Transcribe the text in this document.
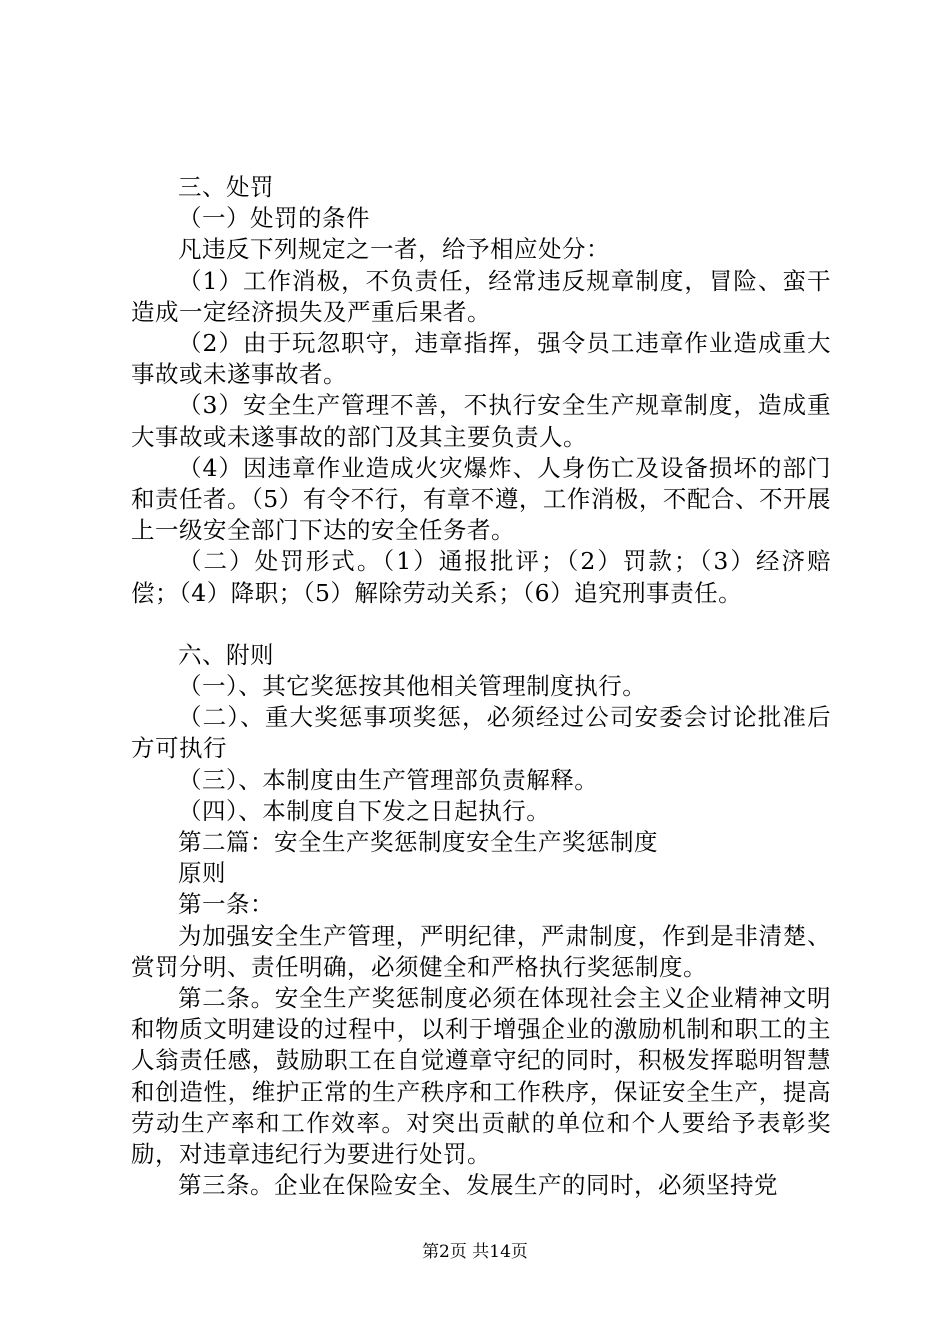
三、处罚

（一）处罚的条件

凡违反下列规定之一者，给予相应处分：

（1）工作消极，不负责任，经常违反规章制度，冒险、蛮干造成一定经济损失及严重后果者。

（2）由于玩忽职守，违章指挥，强令员工违章作业造成重大事故或未遂事故者。

（3）安全生产管理不善，不执行安全生产规章制度，造成重大事故或未遂事故的部门及其主要负责人。

（4）因违章作业造成火灾爆炸、人身伤亡及设备损坏的部门和责任者。（5）有令不行，有章不遵，工作消极，不配合、不开展上一级安全部门下达的安全任务者。

（二）处罚形式。（1）通报批评；（2）罚款；（3）经济赔偿；（4）降职；（5）解除劳动关系；（6）追究刑事责任。

六、附则

（一）、其它奖惩按其他相关管理制度执行。

（二）、重大奖惩事项奖惩，必须经过公司安委会讨论批准后方可执行

（三）、本制度由生产管理部负责解释。

（四）、本制度自下发之日起执行。

第二篇：安全生产奖惩制度安全生产奖惩制度

原则

第一条：

为加强安全生产管理，严明纪律，严肃制度，作到是非清楚、赏罚分明、责任明确，必须健全和严格执行奖惩制度。

第二条。安全生产奖惩制度必须在体现社会主义企业精神文明和物质文明建设的过程中，以利于增强企业的激励机制和职工的主人翁责任感，鼓励职工在自觉遵章守纪的同时，积极发挥聪明智慧和创造性，维护正常的生产秩序和工作秩序，保证安全生产，提高劳动生产率和工作效率。对突出贡献的单位和个人要给予表彰奖励，对违章违纪行为要进行处罚。

第三条。企业在保险安全、发展生产的同时，必须坚持党

第2页 共14页
